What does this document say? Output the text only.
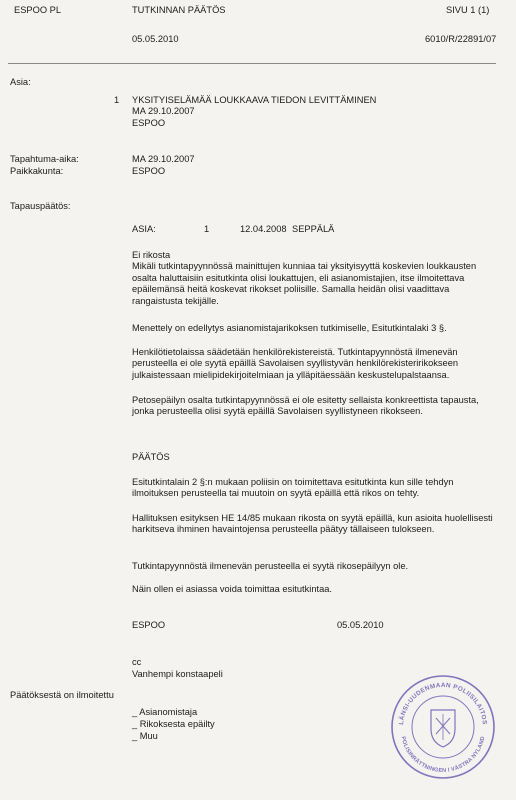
ESPOO PL	TUTKINNAN PÄÄTÖS	SIVU 1 (1)
05.05.2010	6010/R/22891/07
Asia:
1 YKSITYISELÄMÄÄ LOUKKAAVA TIEDON LEVITTÄMINEN
MA 29.10.2007
ESPOO
Tapahtuma-aika:	MA 29.10.2007
Paikkakunta:	ESPOO
Tapauspäätös:
ASIA:	1	12.04.2008 SEPPÄLÄ
Ei rikosta
Mikäli tutkintapyynnössä mainittujen kunniaa tai yksityisyyttä koskevien loukkausten osalta haluttaisiin esitutkinta olisi loukattujen, eli asianomistajien, itse ilmoitettava epäilemänsä heitä koskevat rikokset poliisille. Samalla heidän olisi vaadittava rangaistusta tekijälle.
Menettely on edellytys asianomistajarikoksen tutkimiselle, Esitutkintalaki 3 §.
Henkilötietolaissa säädetään henkilörekistereistä. Tutkintapyynnöstä ilmenevän perusteella ei ole syytä epäillä Savolaisen syyllistyvän henkilörekisteririkokseen julkaistessaan mielipidekirjoitelmiaan ja ylläpitäessään keskustelupalstaansa.
Petosepäilyn osalta tutkintapyynnössä ei ole esitetty sellaista konkreettista tapausta, jonka perusteella olisi syytä epäillä Savolaisen syyllistyneen rikokseen.
PÄÄTÖS
Esitutkintalain 2 §:n mukaan poliisin on toimitettava esitutkinta kun sille tehdyn ilmoituksen perusteella tai muutoin on syytä epäillä että rikos on tehty.
Hallituksen esityksen HE 14/85 mukaan rikosta on syytä epäillä, kun asioita huolellisesti harkitseva ihminen havaintojensa perusteella päätyy tällaiseen tulokseen.
Tutkintapyynnöstä ilmenevän perusteella ei syytä rikosepäilyyn ole.
Näin ollen ei asiassa voida toimittaa esitutkintaa.
ESPOO	05.05.2010
cc
Vanhempi konstaapeli
Päätöksestä on ilmoitettu
_ Asianomistaja
_ Rikoksesta epäilty
_ Muu
LÄNSI-UUDENMAAN POLIISILAITOS
POLISINRÄTTNINGEN I VÄSTRA NYLAND
